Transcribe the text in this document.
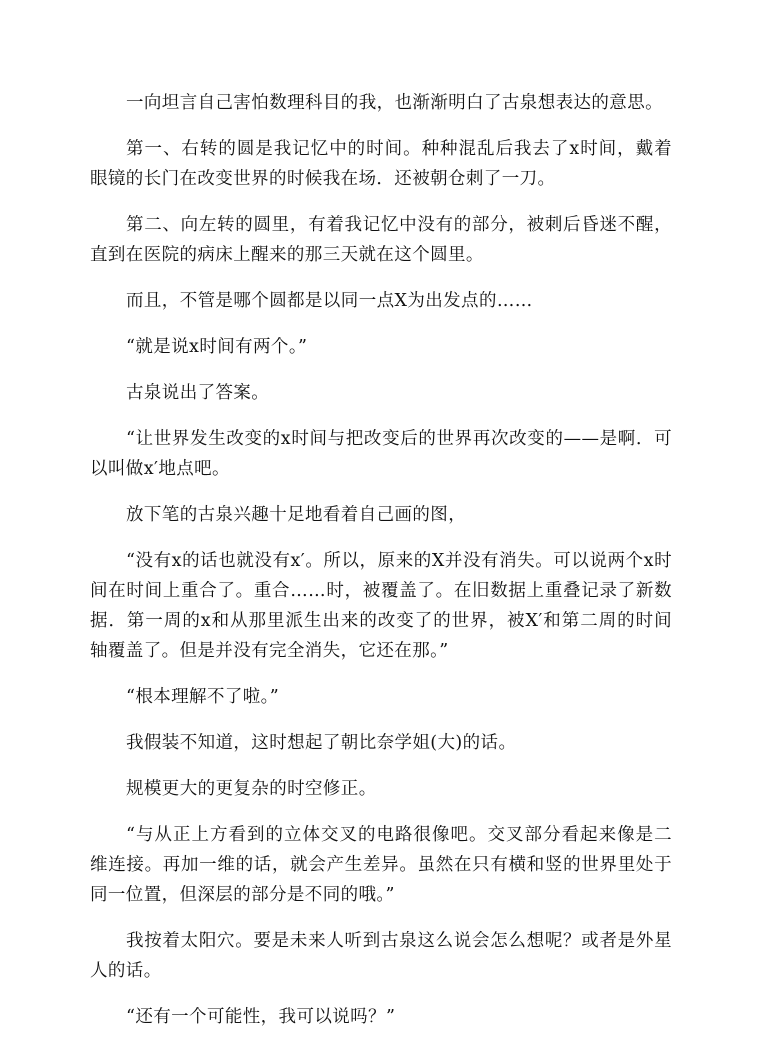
一向坦言自己害怕数理科目的我，也渐渐明白了古泉想表达的意思。

第一、右转的圆是我记忆中的时间。种种混乱后我去了x时间，戴着眼镜的长门在改变世界的时候我在场．还被朝仓刺了一刀。

第二、向左转的圆里，有着我记忆中没有的部分，被刺后昏迷不醒，直到在医院的病床上醒来的那三天就在这个圆里。

而且，不管是哪个圆都是以同一点X为出发点的……

“就是说x时间有两个。”

古泉说出了答案。

“让世界发生改变的x时间与把改变后的世界再次改变的——是啊．可以叫做x′地点吧。

放下笔的古泉兴趣十足地看着自己画的图，

“没有x的话也就没有x′。所以，原来的X并没有消失。可以说两个x时间在时间上重合了。重合……时，被覆盖了。在旧数据上重叠记录了新数据．第一周的x和从那里派生出来的改变了的世界，被X′和第二周的时间轴覆盖了。但是并没有完全消失，它还在那。”

“根本理解不了啦。”

我假装不知道，这时想起了朝比奈学姐(大)的话。

规模更大的更复杂的时空修正。

“与从正上方看到的立体交叉的电路很像吧。交叉部分看起来像是二维连接。再加一维的话，就会产生差异。虽然在只有横和竖的世界里处于同一位置，但深层的部分是不同的哦。”

我按着太阳穴。要是未来人听到古泉这么说会怎么想呢？或者是外星人的话。

“还有一个可能性，我可以说吗？”
